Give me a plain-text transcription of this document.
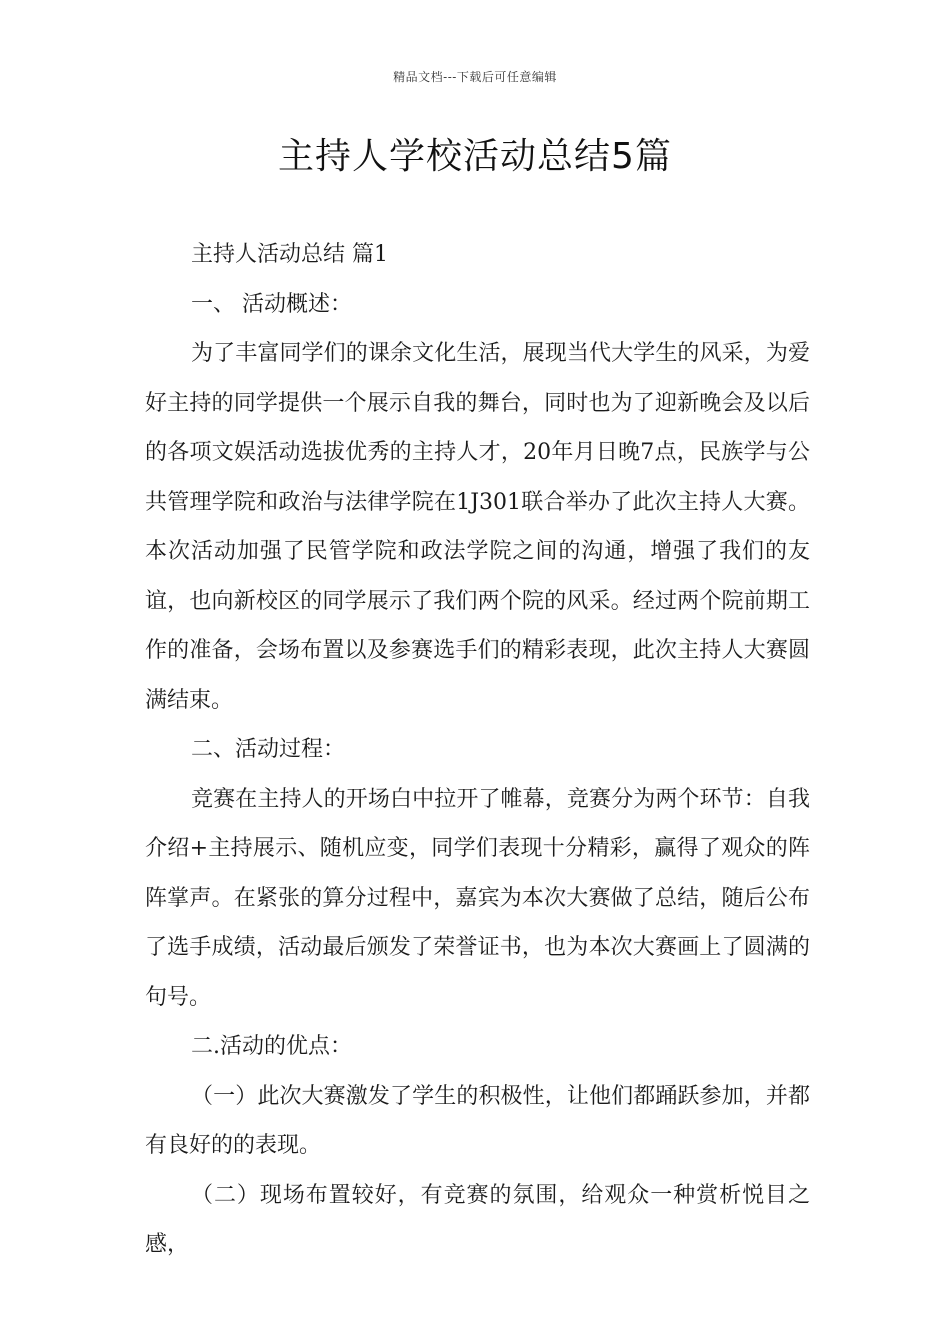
精品文档---下载后可任意编辑
主持人学校活动总结5篇

主持人活动总结 篇1

一、 活动概述：

为了丰富同学们的课余文化生活，展现当代大学生的风采，为爱好主持的同学提供一个展示自我的舞台，同时也为了迎新晚会及以后的各项文娱活动选拔优秀的主持人才，20年月日晚7点，民族学与公共管理学院和政治与法律学院在1J301联合举办了此次主持人大赛。本次活动加强了民管学院和政法学院之间的沟通，增强了我们的友谊，也向新校区的同学展示了我们两个院的风采。经过两个院前期工作的准备，会场布置以及参赛选手们的精彩表现，此次主持人大赛圆满结束。

二、活动过程：

竞赛在主持人的开场白中拉开了帷幕，竞赛分为两个环节：自我介绍+主持展示、随机应变，同学们表现十分精彩，赢得了观众的阵阵掌声。在紧张的算分过程中，嘉宾为本次大赛做了总结，随后公布了选手成绩，活动最后颁发了荣誉证书，也为本次大赛画上了圆满的句号。

二.活动的优点：

（一）此次大赛激发了学生的积极性，让他们都踊跃参加，并都有良好的的表现。

（二）现场布置较好，有竞赛的氛围，给观众一种赏析悦目之感，
